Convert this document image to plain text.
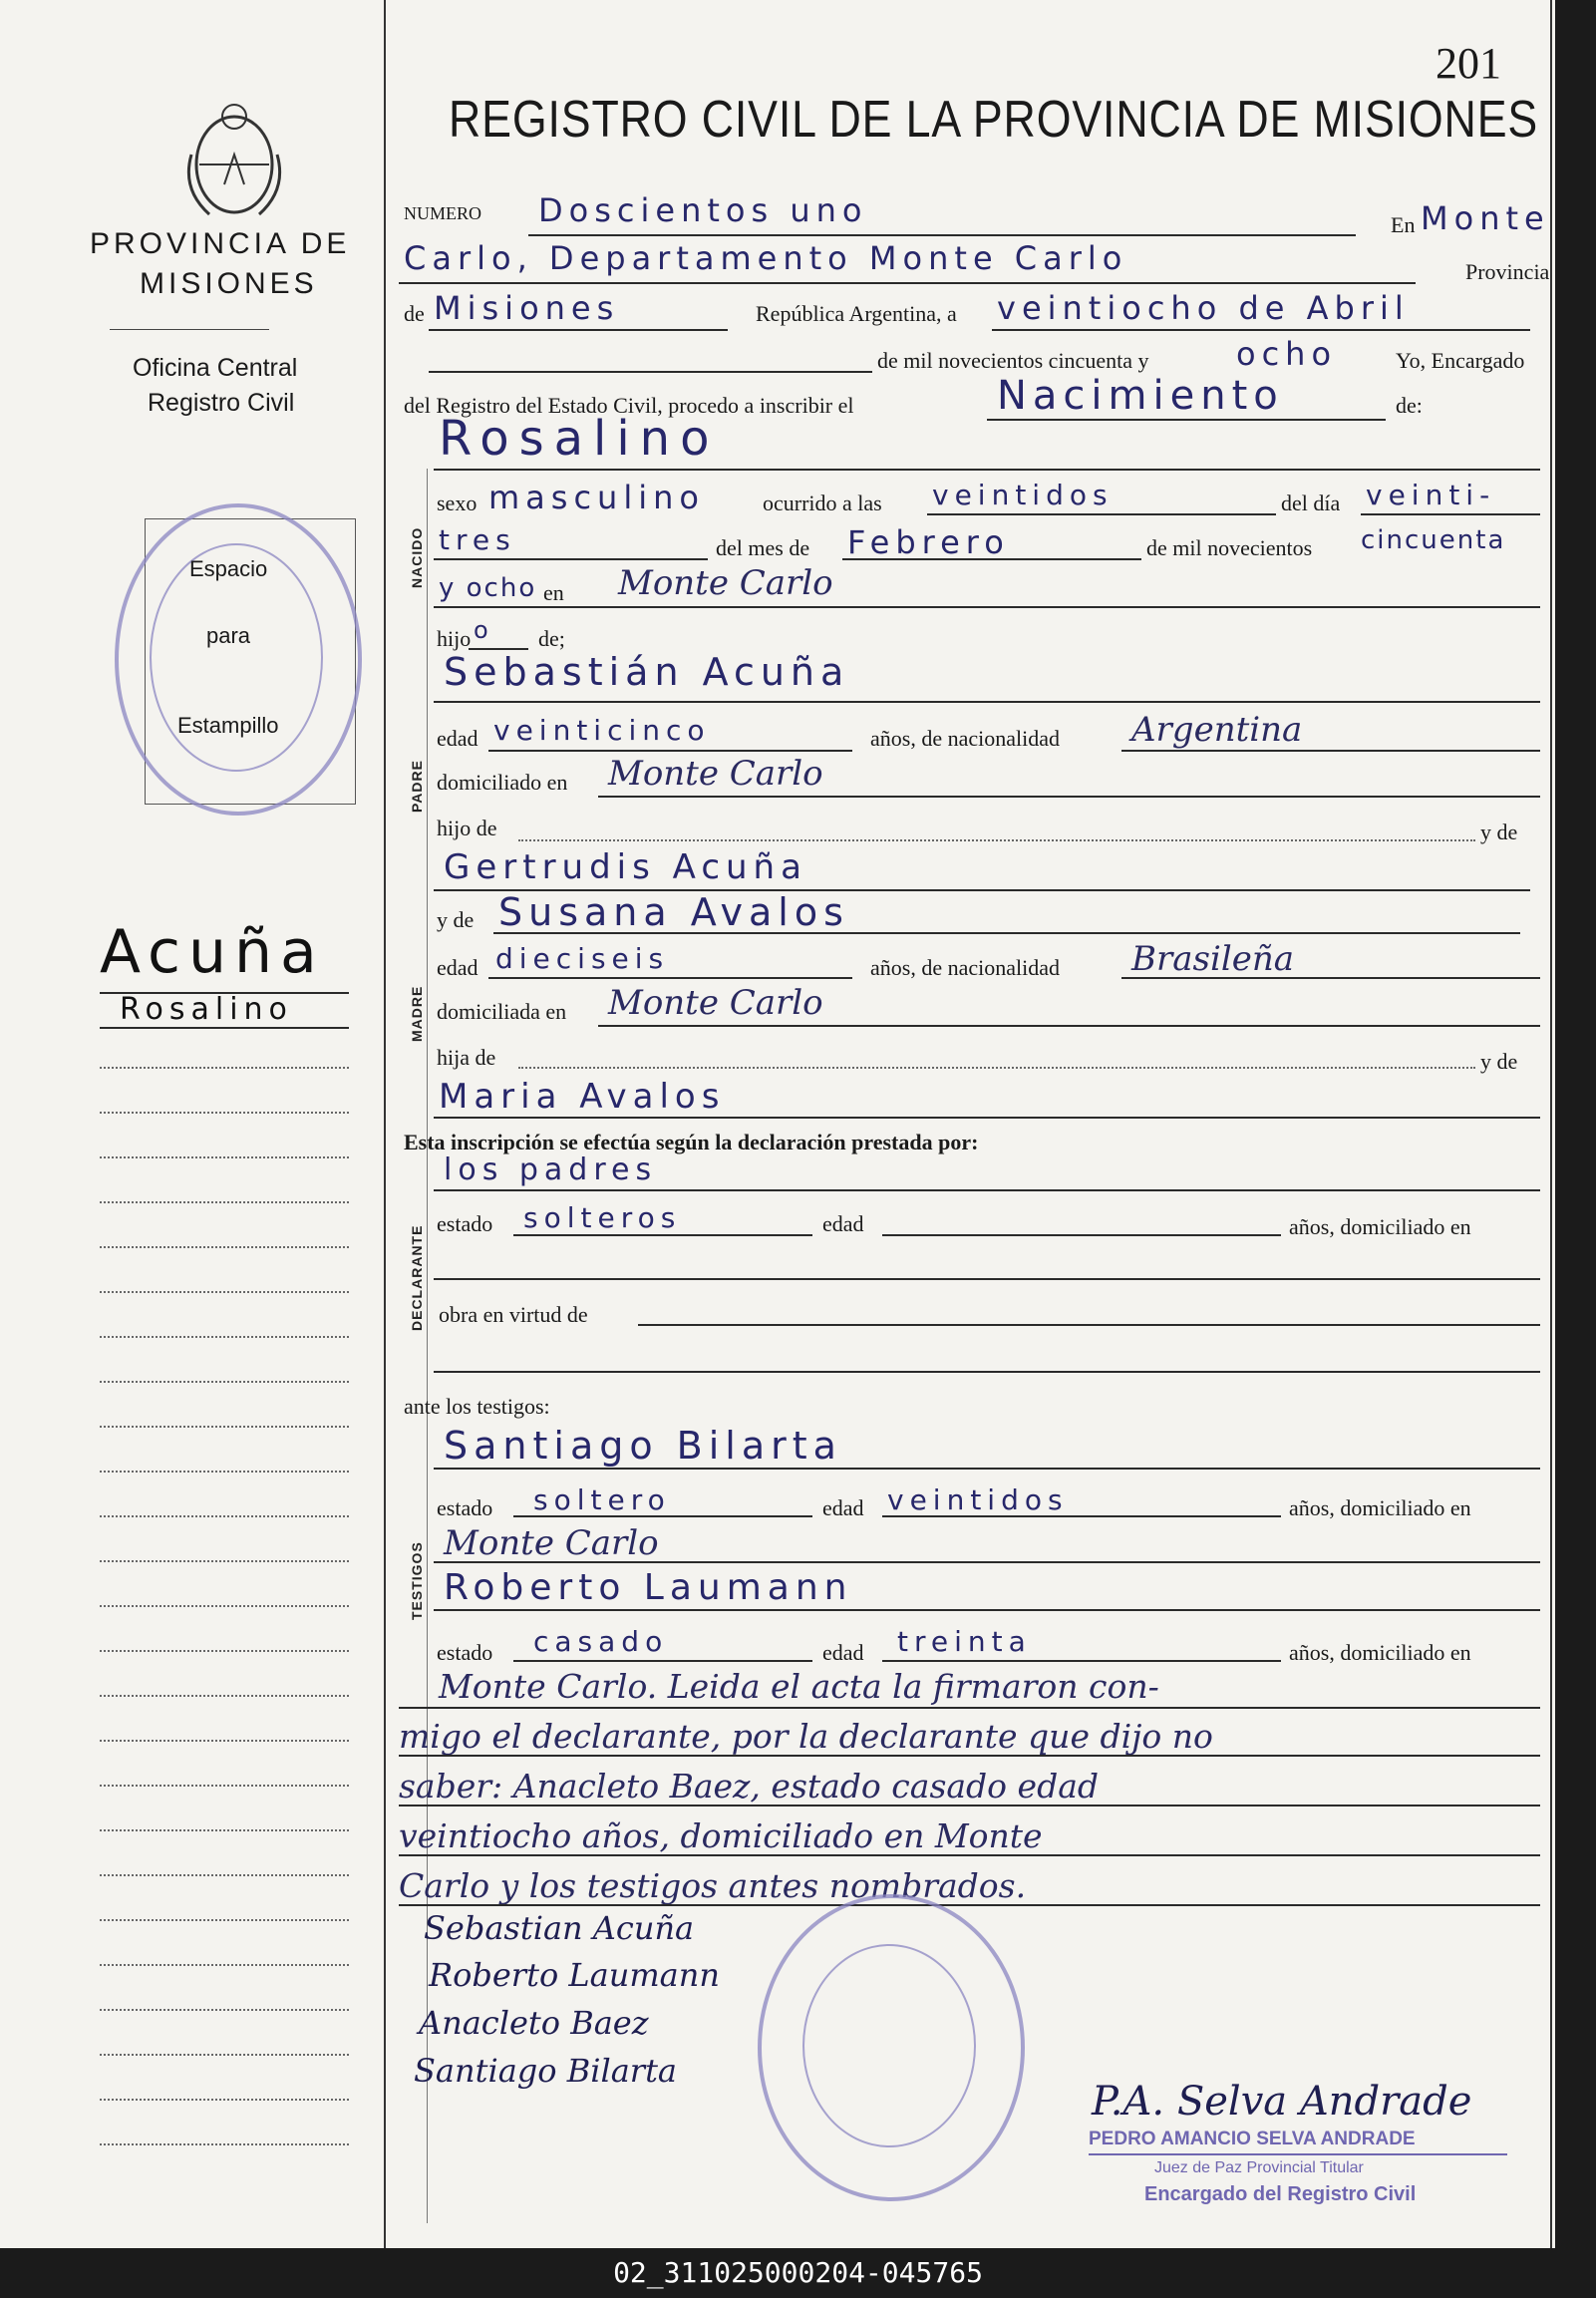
201
REGISTRO CIVIL DE LA PROVINCIA DE MISIONES
PROVINCIA DE
MISIONES
Oficina Central
Registro Civil
Espacio
para
Estampillo
Acuña
Rosalino
NUMERO Doscientos uno	En Monte
Carlo, Departamento Monte Carlo	Provincia
de Misiones	República Argentina, a veintiocho de Abril
de mil novecientos cincuenta y	ocho	Yo, Encargado
del Registro del Estado Civil, procedo a inscribir el	Nacimiento	de:
Rosalino
NACIDO
sexo masculino	ocurrido a las veintidos	del día veinti-
tres	del mes de Febrero	de mil novecientos cincuenta
y ocho en Monte Carlo
hijo o de;
PADRE
Sebastián Acuña
edad veinticinco	años, de nacionalidad Argentina
domiciliado en Monte Carlo
hijo de	y de
Gertrudis Acuña
MADRE
y de Susana Avalos
edad dieciseis	años, de nacionalidad Brasileña
domiciliada en Monte Carlo
hija de	y de
Maria Avalos
Esta inscripción se efectúa según la declaración prestada por:
DECLARANTE
los padres
estado solteros	edad	años, domiciliado en
obra en virtud de
ante los testigos:
TESTIGOS
Santiago Bilarta
estado soltero	edad veintidos	años, domiciliado en
Monte Carlo
Roberto Laumann
estado casado	edad treinta	años, domiciliado en
Monte Carlo. Leida el acta la firmaron con-
migo el declarante, por la declarante que dijo no
saber: Anacleto Baez, estado casado edad
veintiocho años, domiciliado en Monte
Carlo y los testigos antes nombrados.
Sebastian Acuña
Roberto Laumann
Anacleto Baez
Santiago Bilarta
P.A. Selva Andrade
PEDRO AMANCIO SELVA ANDRADE
Juez de Paz Provincial Titular
Encargado del Registro Civil
02_311025000204-045765
